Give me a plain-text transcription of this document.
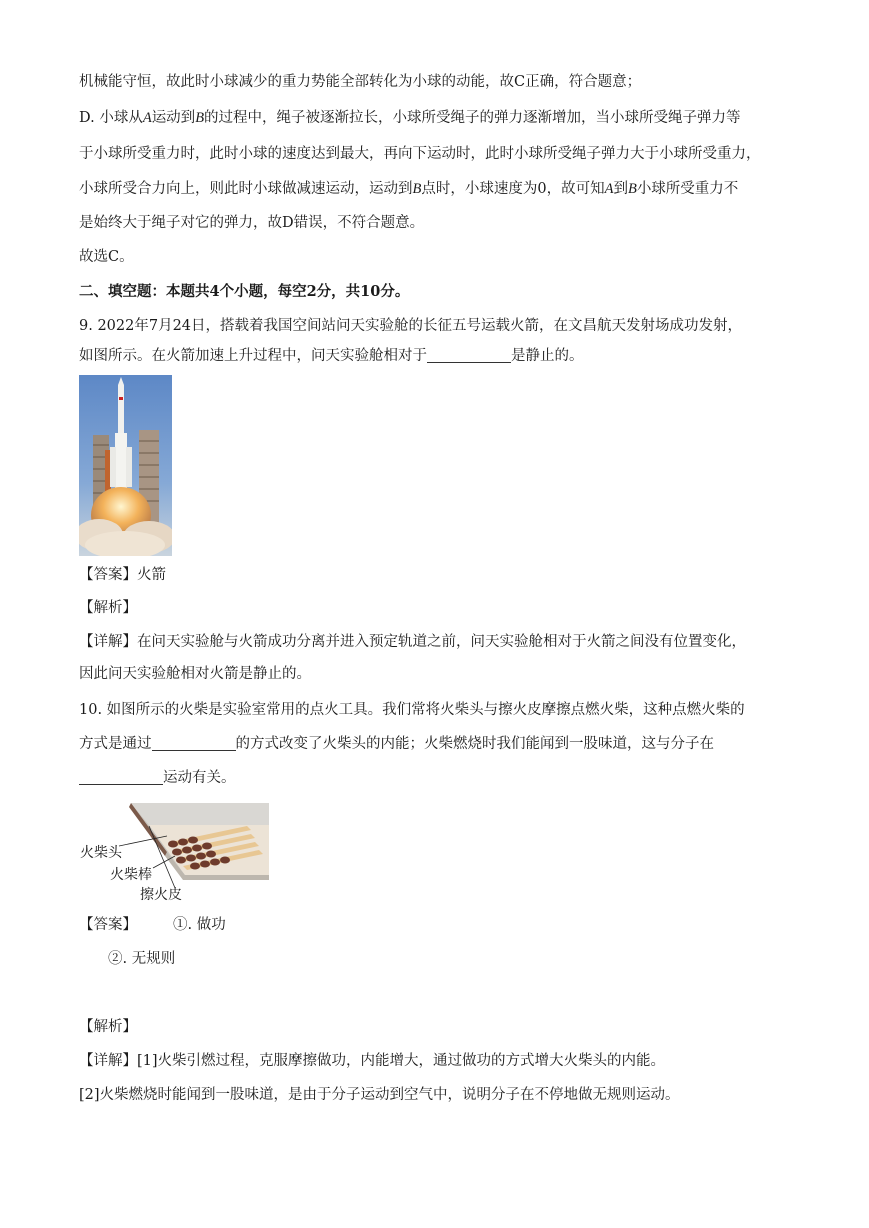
机械能守恒，故此时小球减少的重力势能全部转化为小球的动能，故C正确，符合题意；
D. 小球从A运动到B的过程中，绳子被逐渐拉长，小球所受绳子的弹力逐渐增加，当小球所受绳子弹力等
于小球所受重力时，此时小球的速度达到最大，再向下运动时，此时小球所受绳子弹力大于小球所受重力，
小球所受合力向上，则此时小球做减速运动，运动到B点时，小球速度为0，故可知A到B小球所受重力不
是始终大于绳子对它的弹力，故D错误，不符合题意。
故选C。
二、填空题：本题共4个小题，每空2分，共10分。
9. 2022年7月24日，搭载着我国空间站问天实验舱的长征五号运载火箭，在文昌航天发射场成功发射，
如图所示。在火箭加速上升过程中，问天实验舱相对于	是静止的。
【答案】火箭
【解析】
【详解】在问天实验舱与火箭成功分离并进入预定轨道之前，问天实验舱相对于火箭之间没有位置变化，
因此问天实验舱相对火箭是静止的。
10. 如图所示的火柴是实验室常用的点火工具。我们常将火柴头与擦火皮摩擦点燃火柴，这种点燃火柴的
方式是通过	的方式改变了火柴头的内能；火柴燃烧时我们能闻到一股味道，这与分子在
运动有关。
火柴头
火柴棒
擦火皮
【答案】 ①. 做功
②. 无规则
【解析】
【详解】[1]火柴引燃过程，克服摩擦做功，内能增大，通过做功的方式增大火柴头的内能。
[2]火柴燃烧时能闻到一股味道，是由于分子运动到空气中，说明分子在不停地做无规则运动。
